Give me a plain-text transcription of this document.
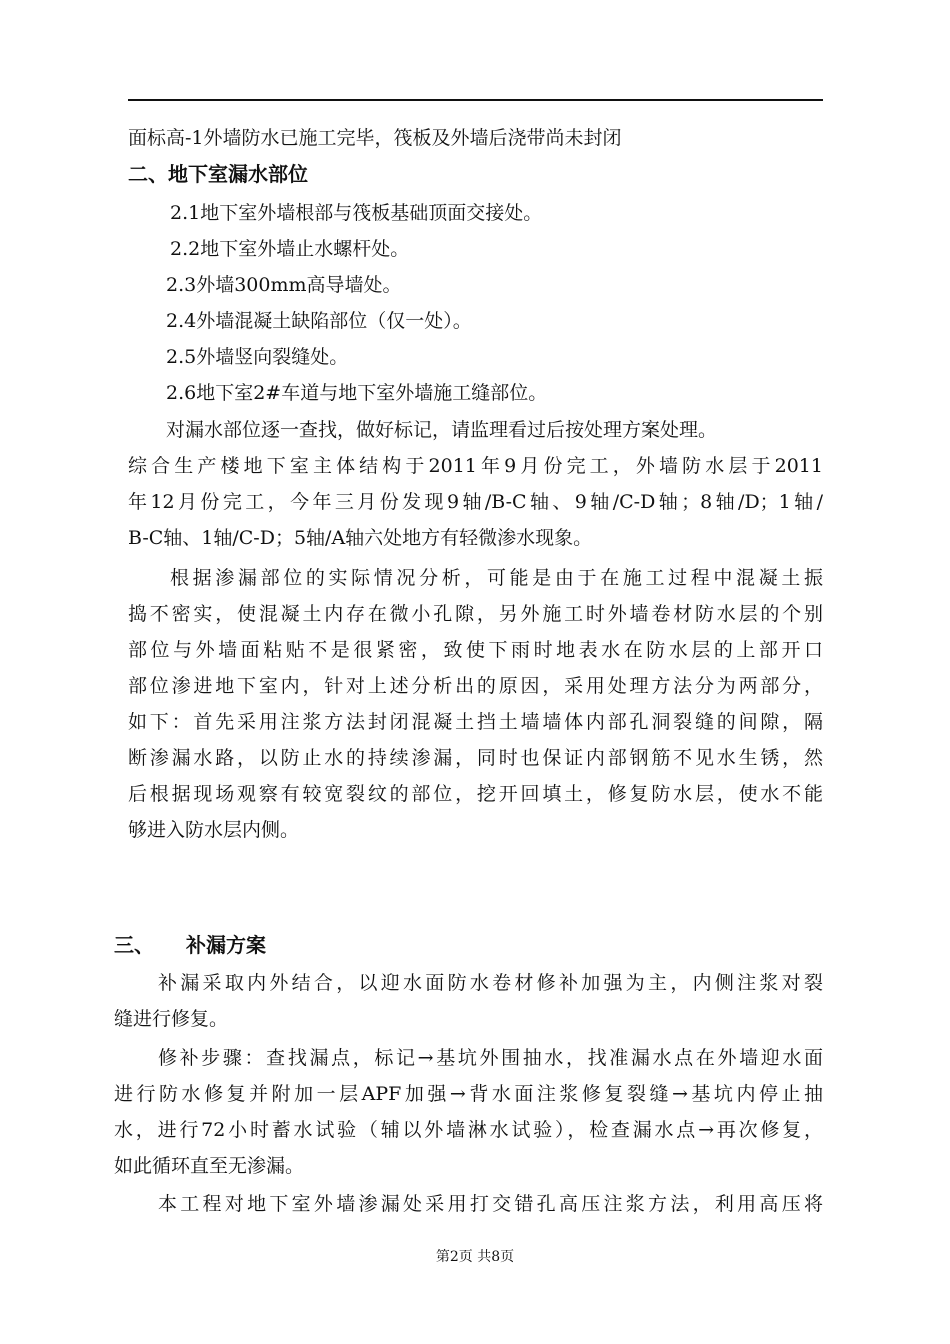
面标高-1外墙防水已施工完毕，筏板及外墙后浇带尚未封闭
二、地下室漏水部位
2.1地下室外墙根部与筏板基础顶面交接处。
2.2地下室外墙止水螺杆处。
2.3外墙300mm高导墙处。
2.4外墙混凝土缺陷部位（仅一处）。
2.5外墙竖向裂缝处。
2.6地下室2#车道与地下室外墙施工缝部位。
对漏水部位逐一查找，做好标记，请监理看过后按处理方案处理。
综合生产楼地下室主体结构于2011年9月份完工，外墙防水层于2011
年12月份完工，今年三月份发现9轴/B-C轴、9轴/C-D轴；8轴/D；1轴/
B-C轴、1轴/C-D；5轴/A轴六处地方有轻微渗水现象。
根据渗漏部位的实际情况分析，可能是由于在施工过程中混凝土振
捣不密实，使混凝土内存在微小孔隙，另外施工时外墙卷材防水层的个别
部位与外墙面粘贴不是很紧密，致使下雨时地表水在防水层的上部开口
部位渗进地下室内，针对上述分析出的原因，采用处理方法分为两部分，
如下：首先采用注浆方法封闭混凝土挡土墙墙体内部孔洞裂缝的间隙，隔
断渗漏水路，以防止水的持续渗漏，同时也保证内部钢筋不见水生锈，然
后根据现场观察有较宽裂纹的部位，挖开回填土，修复防水层，使水不能
够进入防水层内侧。
三、 补漏方案
补漏采取内外结合，以迎水面防水卷材修补加强为主，内侧注浆对裂
缝进行修复。
修补步骤：查找漏点，标记→基坑外围抽水，找准漏水点在外墙迎水面
进行防水修复并附加一层APF加强→背水面注浆修复裂缝→基坑内停止抽
水，进行72小时蓄水试验（辅以外墙淋水试验），检查漏水点→再次修复，
如此循环直至无渗漏。
本工程对地下室外墙渗漏处采用打交错孔高压注浆方法，利用高压将
第2页 共8页
